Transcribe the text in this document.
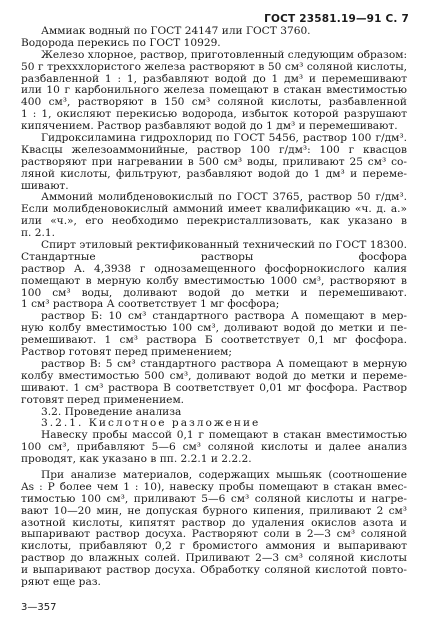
ГОСТ 23581.19—91 С. 7
Аммиак водный по ГОСТ 24147 или ГОСТ 3760.
Водорода перекись по ГОСТ 10929.
Железо хлорное, раствор, приготовленный следующим образом:
50 г трехххлористого железа растворяют в 50 см³ соляной кислоты,
разбавленной 1 : 1, разбавляют водой до 1 дм³ и перемешивают
или 10 г карбонильного железа помещают в стакан вместимостью
400 см³, растворяют в 150 см³ соляной кислоты, разбавленной
1 : 1, окисляют перекисью водорода, избыток которой разрушают
кипячением. Раствор разбавляют водой до 1 дм³ и перемешивают.
Гидроксиламина гидрохлорид по ГОСТ 5456, раствор 100 г/дм³.
Квасцы железоаммонийные, раствор 100 г/дм³: 100 г квасцов
растворяют при нагревании в 500 см³ воды, приливают 25 см³ со-
ляной кислоты, фильтруют, разбавляют водой до 1 дм³ и переме-
шивают.
Аммоний молибденовокислый по ГОСТ 3765, раствор 50 г/дм³.
Если молибденовокислый аммоний имеет квалификацию «ч. д. а.»
или «ч.», его необходимо перекристаллизовать, как указано в
п. 2.1.
Спирт этиловый ректификованный технический по ГОСТ 18300.
Стандартные растворы фосфора
раствор А. 4,3938 г однозамещенного фосфорнокислого калия
помещают в мерную колбу вместимостью 1000 см³, растворяют в
100 см³ воды, доливают водой до метки и перемешивают.
1 см³ раствора А соответствует 1 мг фосфора;
раствор Б: 10 см³ стандартного раствора А помещают в мер-
ную колбу вместимостью 100 см³, доливают водой до метки и пе-
ремешивают. 1 см³ раствора Б соответствует 0,1 мг фосфора.
Раствор готовят перед применением;
раствор В: 5 см³ стандартного раствора А помещают в мерную
колбу вместимостью 500 см³, доливают водой до метки и переме-
шивают. 1 см³ раствора В соответствует 0,01 мг фосфора. Раствор
готовят перед применением.
3.2. Проведение анализа
3.2.1. Кислотное разложение
Навеску пробы массой 0,1 г помещают в стакан вместимостью
100 см³, прибавляют 5—6 см³ соляной кислоты и далее анализ
проводят, как указано в пп. 2.2.1 и 2.2.2.
При анализе материалов, содержащих мышьяк (соотношение
As : P более чем 1 : 10), навеску пробы помещают в стакан вмес-
тимостью 100 см³, приливают 5—6 см³ соляной кислоты и нагре-
вают 10—20 мин, не допуская бурного кипения, приливают 2 см³
азотной кислоты, кипятят раствор до удаления окислов азота и
выпаривают раствор досуха. Растворяют соли в 2—3 см³ соляной
кислоты, прибавляют 0,2 г бромистого аммония и выпаривают
раствор до влажных солей. Приливают 2—3 см³ соляной кислоты
и выпаривают раствор досуха. Обработку соляной кислотой повто-
ряют еще раз.
3—357
